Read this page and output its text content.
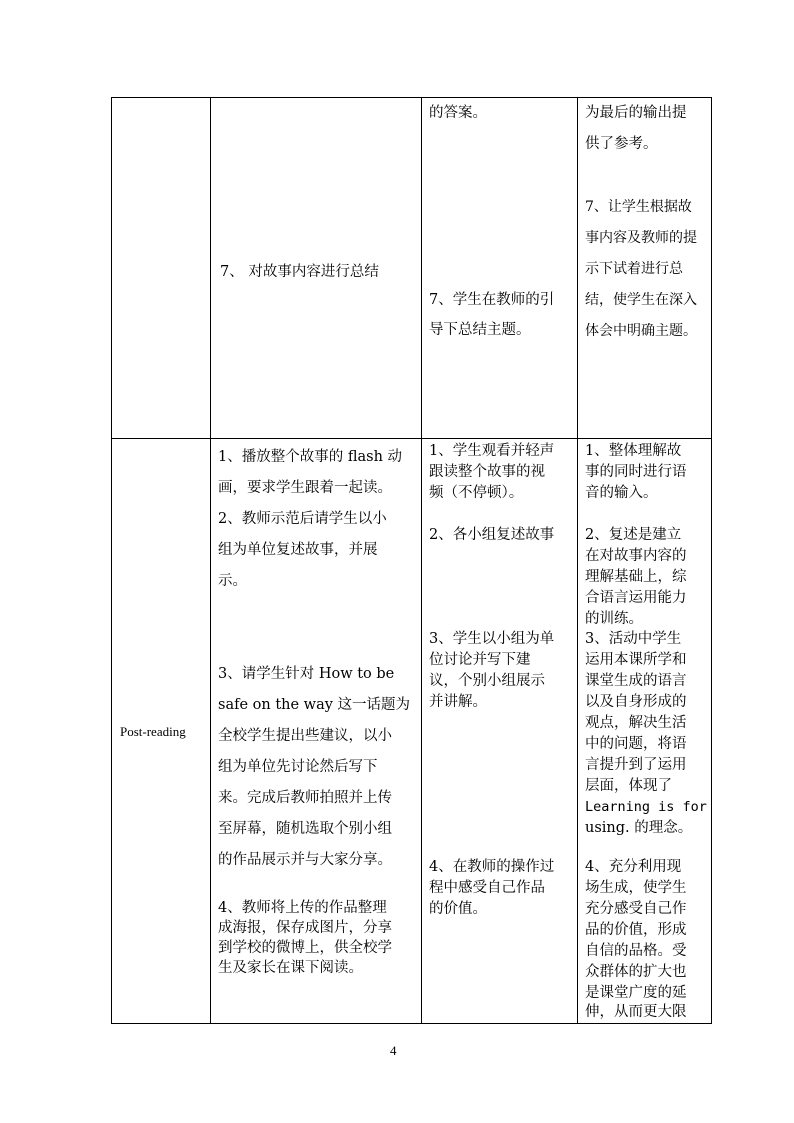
7、 对故事内容进行总结
的答案。
7、学生在教师的引
导下总结主题。
为最后的输出提
供了参考。
7、让学生根据故
事内容及教师的提
示下试着进行总
结，使学生在深入
体会中明确主题。
Post-reading
1、播放整个故事的 flash 动
画，要求学生跟着一起读。
2、教师示范后请学生以小
组为单位复述故事，并展
示。
3、请学生针对 How to be
safe on the way 这一话题为
全校学生提出些建议，以小
组为单位先讨论然后写下
来。完成后教师拍照并上传
至屏幕，随机选取个别小组
的作品展示并与大家分享。
4、教师将上传的作品整理
成海报，保存成图片，分享
到学校的微博上，供全校学
生及家长在课下阅读。
1、学生观看并轻声
跟读整个故事的视
频（不停顿）。
2、各小组复述故事
3、学生以小组为单
位讨论并写下建
议，个别小组展示
并讲解。
4、在教师的操作过
程中感受自己作品
的价值。
1、整体理解故
事的同时进行语
音的输入。
2、复述是建立
在对故事内容的
理解基础上，综
合语言运用能力
的训练。
3、活动中学生
运用本课所学和
课堂生成的语言
以及自身形成的
观点，解决生活
中的问题，将语
言提升到了运用
层面，体现了
Learning is for
using. 的理念。
4、充分利用现
场生成，使学生
充分感受自己作
品的价值，形成
自信的品格。受
众群体的扩大也
是课堂广度的延
伸，从而更大限
4
